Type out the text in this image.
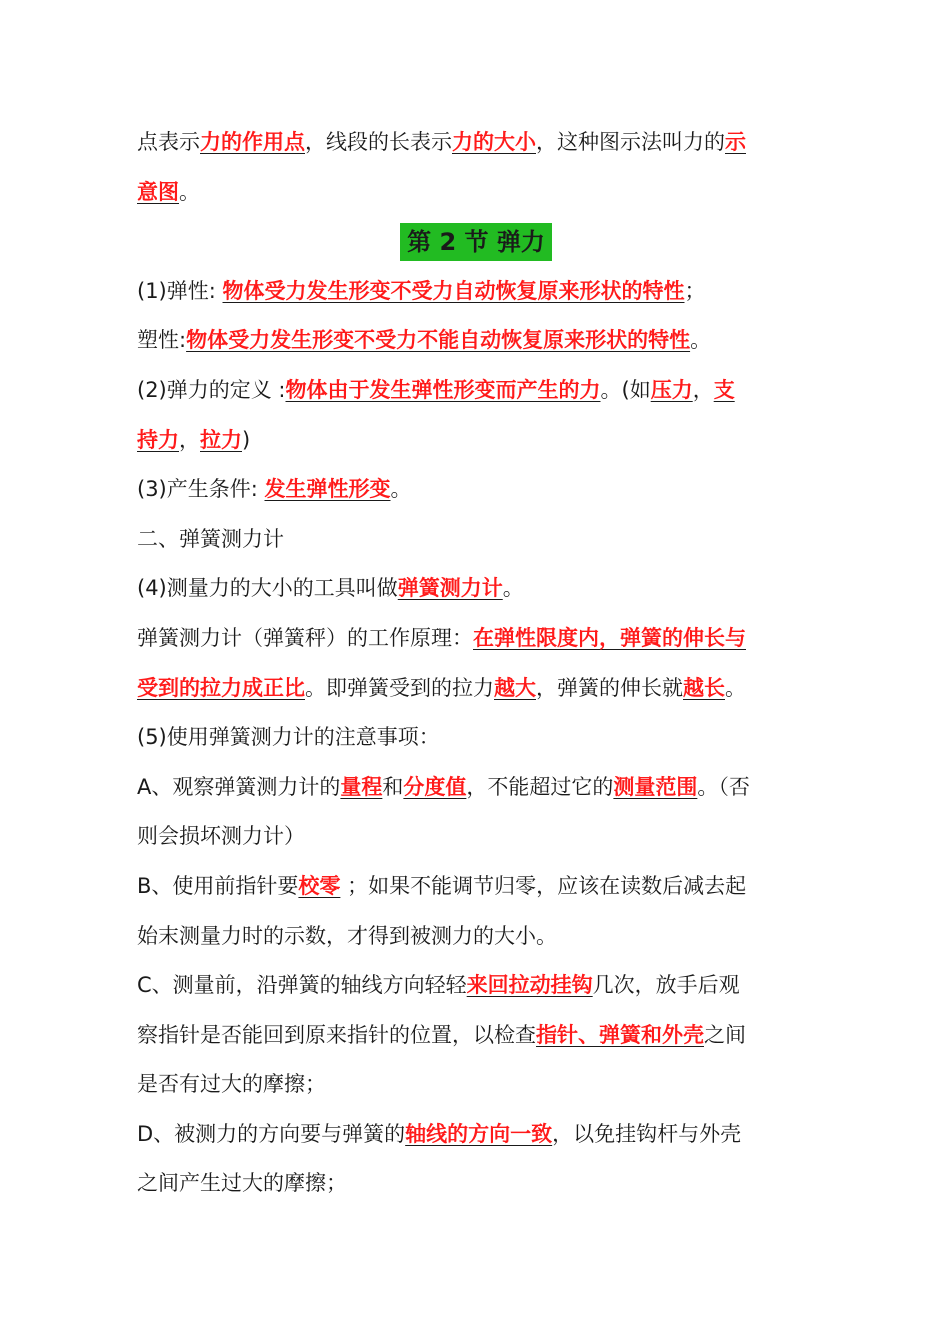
点表示力的作用点，线段的长表示力的大小，这种图示法叫力的示

意图。

第 2 节 弹力

(1)弹性: 物体受力发生形变不受力自动恢复原来形状的特性；

塑性:物体受力发生形变不受力不能自动恢复原来形状的特性。

(2)弹力的定义 :物体由于发生弹性形变而产生的力。(如压力，支

持力，拉力)

(3)产生条件: 发生弹性形变。

二、弹簧测力计

(4)测量力的大小的工具叫做弹簧测力计。

弹簧测力计（弹簧秤）的工作原理：在弹性限度内，弹簧的伸长与

受到的拉力成正比。即弹簧受到的拉力越大，弹簧的伸长就越长。

(5)使用弹簧测力计的注意事项：

A、观察弹簧测力计的量程和分度值，不能超过它的测量范围。（否

则会损坏测力计）

B、使用前指针要校零 ；如果不能调节归零，应该在读数后减去起

始末测量力时的示数，才得到被测力的大小。

C、测量前，沿弹簧的轴线方向轻轻来回拉动挂钩几次，放手后观

察指针是否能回到原来指针的位置，以检查指针、弹簧和外壳之间

是否有过大的摩擦；

D、被测力的方向要与弹簧的轴线的方向一致，以免挂钩杆与外壳

之间产生过大的摩擦；
